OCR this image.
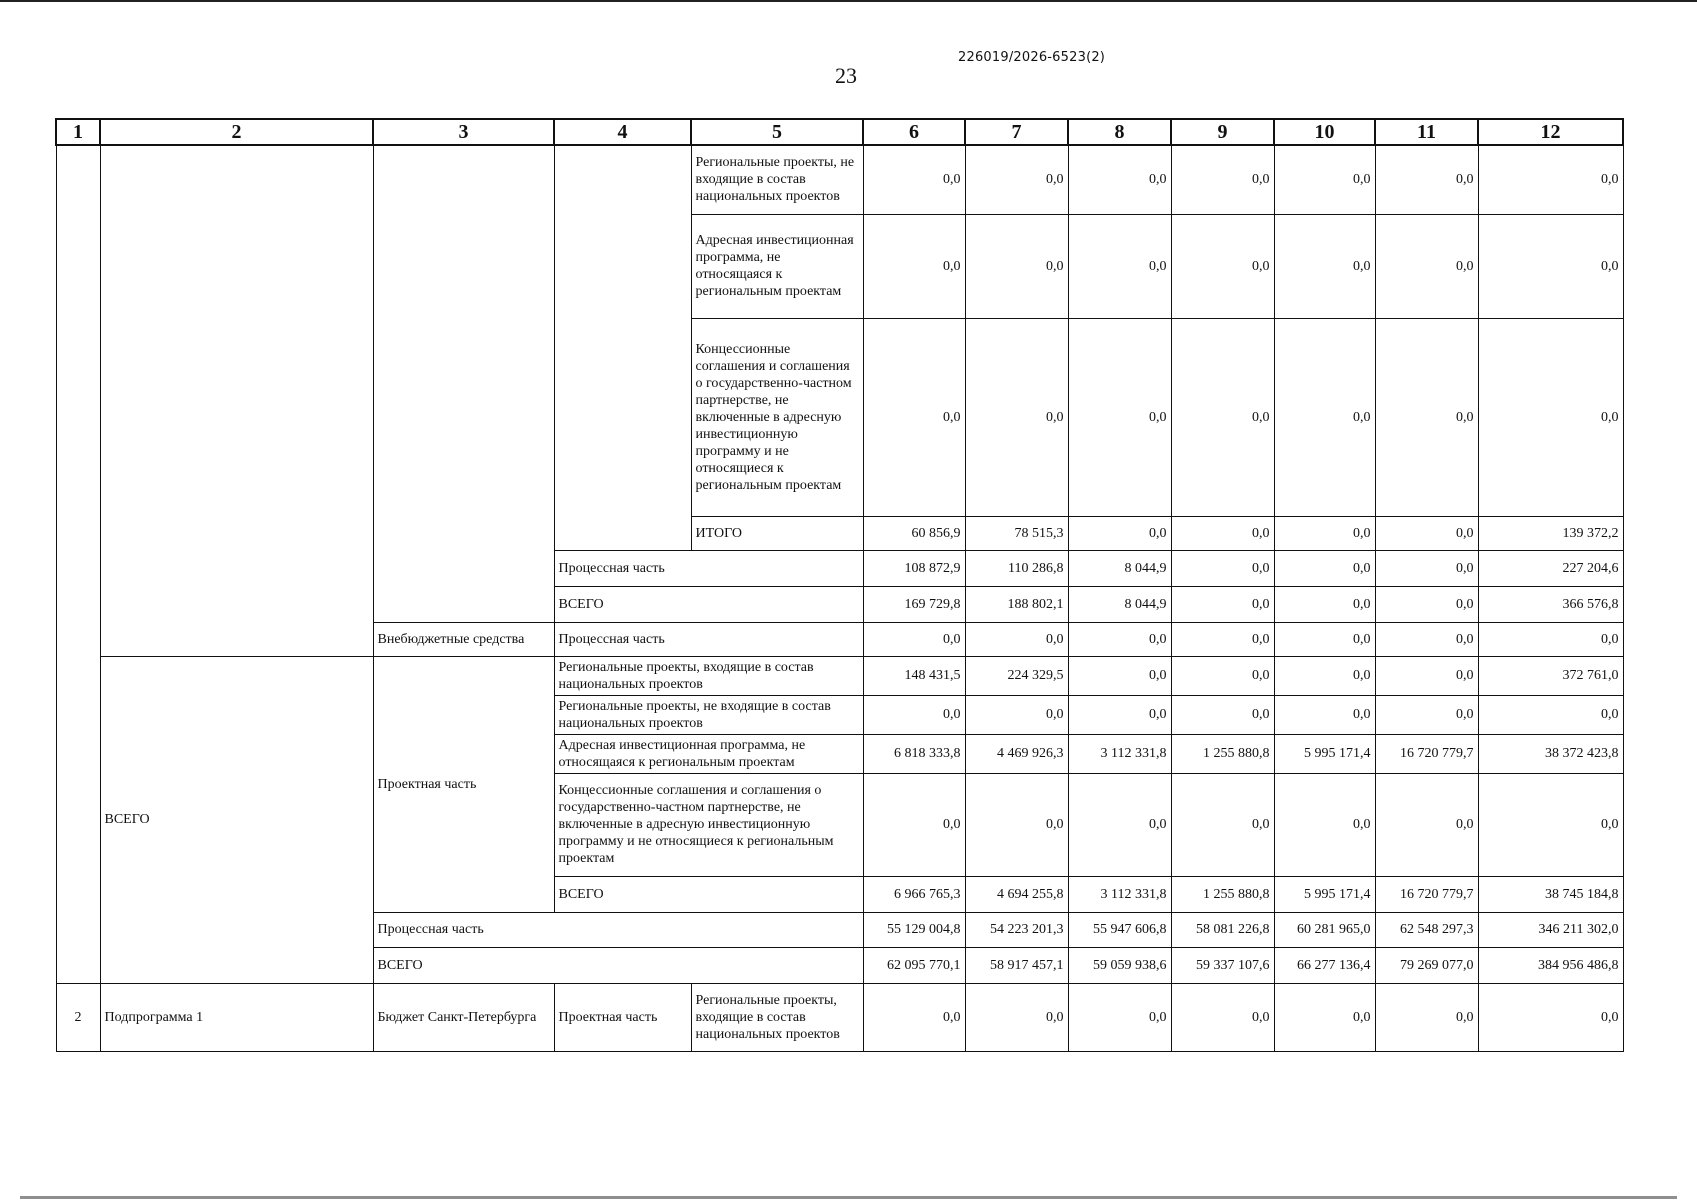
226019/2026-6523(2)
23
1	2	3	4	5	6	7	8	9	10	11	12
				Региональные проекты, не входящие в состав национальных проектов	0,0	0,0	0,0	0,0	0,0	0,0	0,0
				Адресная инвестиционная программа, не относящаяся к региональным проектам	0,0	0,0	0,0	0,0	0,0	0,0	0,0
				Концессионные соглашения и соглашения о государственно-частном партнерстве, не включенные в адресную инвестиционную программу и не относящиеся к региональным проектам	0,0	0,0	0,0	0,0	0,0	0,0	0,0
				ИТОГО	60 856,9	78 515,3	0,0	0,0	0,0	0,0	139 372,2
			Процессная часть		108 872,9	110 286,8	8 044,9	0,0	0,0	0,0	227 204,6
			ВСЕГО		169 729,8	188 802,1	8 044,9	0,0	0,0	0,0	366 576,8
		Внебюджетные средства	Процессная часть		0,0	0,0	0,0	0,0	0,0	0,0	0,0
	ВСЕГО	Проектная часть	Региональные проекты, входящие в состав национальных проектов		148 431,5	224 329,5	0,0	0,0	0,0	0,0	372 761,0
			Региональные проекты, не входящие в состав национальных проектов		0,0	0,0	0,0	0,0	0,0	0,0	0,0
			Адресная инвестиционная программа, не относящаяся к региональным проектам		6 818 333,8	4 469 926,3	3 112 331,8	1 255 880,8	5 995 171,4	16 720 779,7	38 372 423,8
			Концессионные соглашения и соглашения о государственно-частном партнерстве, не включенные в адресную инвестиционную программу и не относящиеся к региональным проектам		0,0	0,0	0,0	0,0	0,0	0,0	0,0
			ВСЕГО		6 966 765,3	4 694 255,8	3 112 331,8	1 255 880,8	5 995 171,4	16 720 779,7	38 745 184,8
		Процессная часть			55 129 004,8	54 223 201,3	55 947 606,8	58 081 226,8	60 281 965,0	62 548 297,3	346 211 302,0
		ВСЕГО			62 095 770,1	58 917 457,1	59 059 938,6	59 337 107,6	66 277 136,4	79 269 077,0	384 956 486,8
2	Подпрограмма 1	Бюджет Санкт-Петербурга	Проектная часть	Региональные проекты, входящие в состав национальных проектов	0,0	0,0	0,0	0,0	0,0	0,0	0,0
